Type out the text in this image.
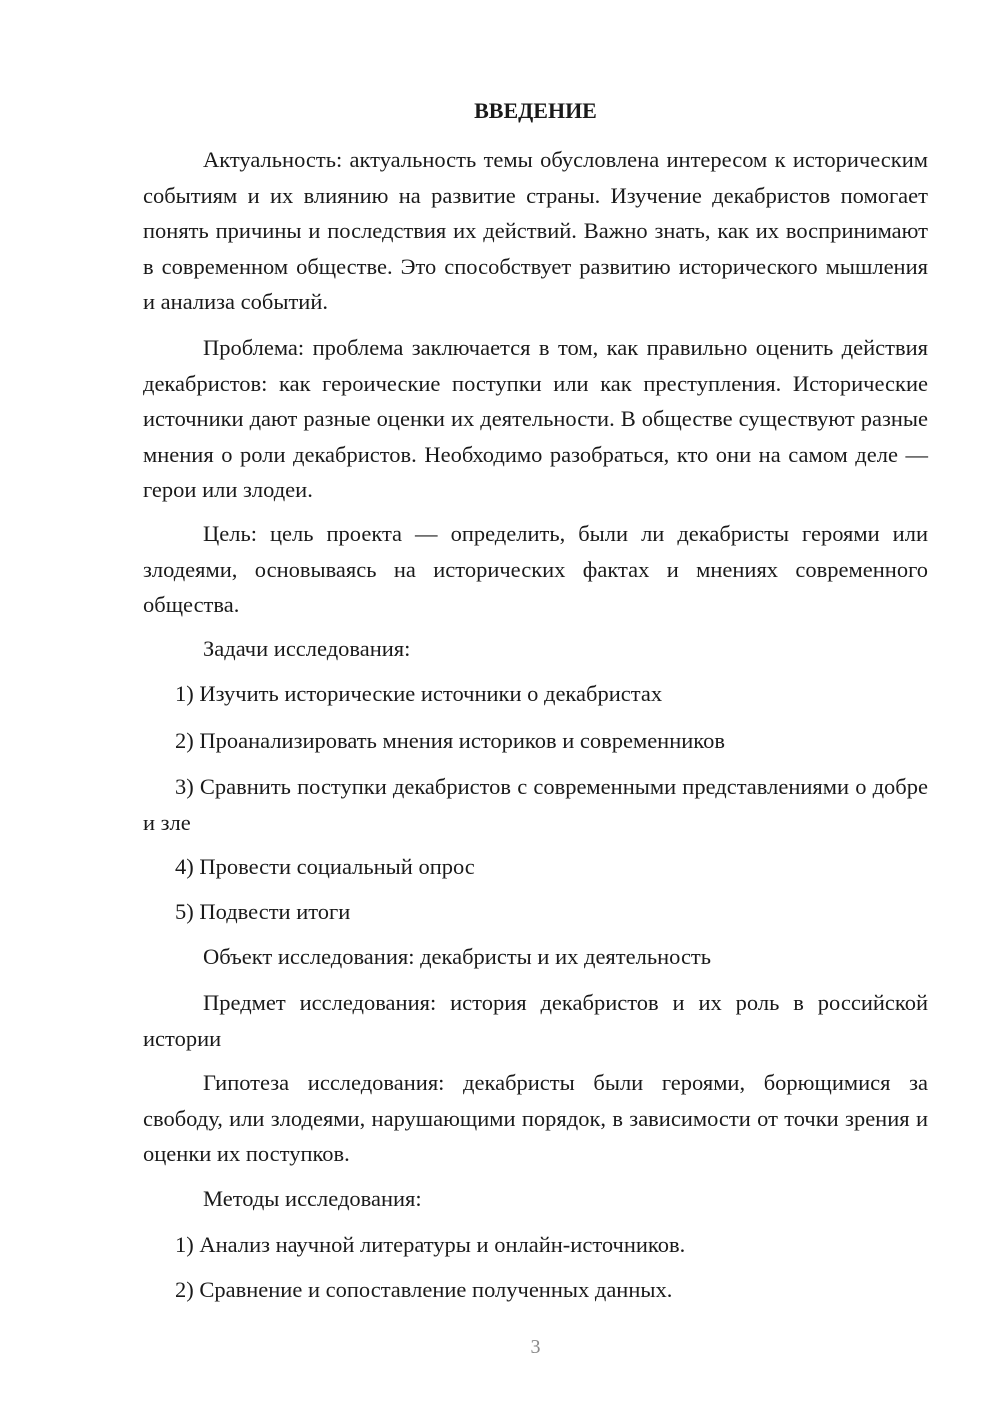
ВВЕДЕНИЕ

Актуальность: актуальность темы обусловлена интересом к историческим событиям и их влиянию на развитие страны. Изучение декабристов помогает понять причины и последствия их действий. Важно знать, как их воспринимают в современном обществе. Это способствует развитию исторического мышления и анализа событий.

Проблема: проблема заключается в том, как правильно оценить действия декабристов: как героические поступки или как преступления. Исторические источники дают разные оценки их деятельности. В обществе существуют разные мнения о роли декабристов. Необходимо разобраться, кто они на самом деле — герои или злодеи.

Цель: цель проекта — определить, были ли декабристы героями или злодеями, основываясь на исторических фактах и мнениях современного общества.

Задачи исследования:

1) Изучить исторические источники о декабристах

2) Проанализировать мнения историков и современников

3) Сравнить поступки декабристов с современными представлениями о добре и зле

4) Провести социальный опрос

5) Подвести итоги

Объект исследования: декабристы и их деятельность

Предмет исследования: история декабристов и их роль в российской истории

Гипотеза исследования: декабристы были героями, борющимися за свободу, или злодеями, нарушающими порядок, в зависимости от точки зрения и оценки их поступков.

Методы исследования:

1) Анализ научной литературы и онлайн-источников.

2) Сравнение и сопоставление полученных данных.

3
